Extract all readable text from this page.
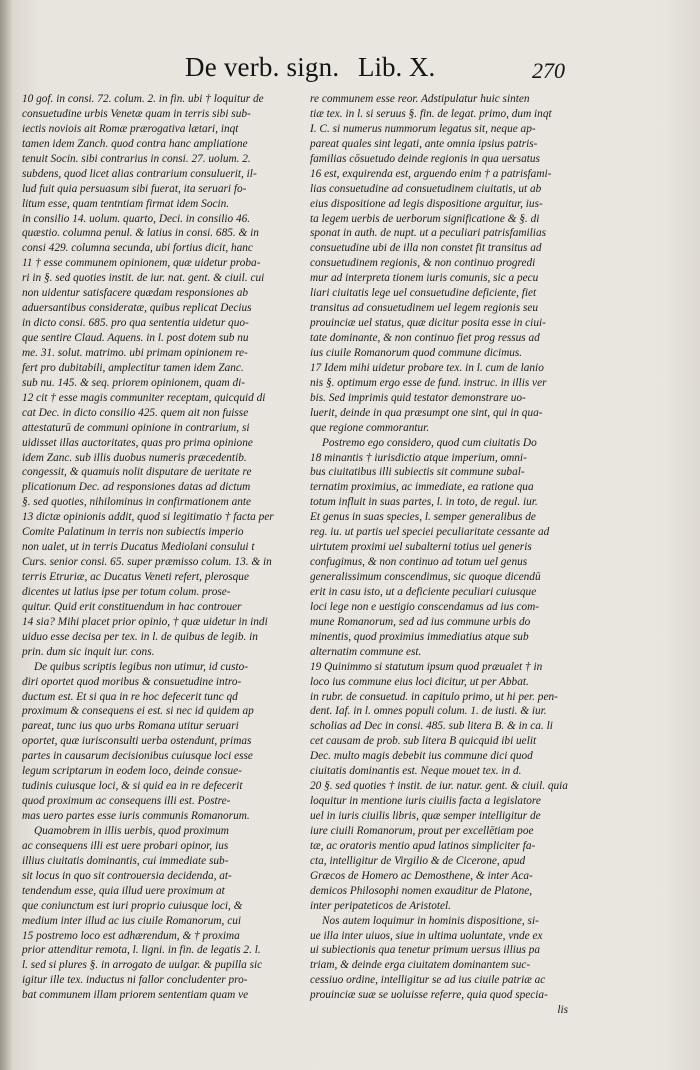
De verb. sign. Lib. X.	270
10 gof. in consi. 72. colum. 2. in fin. ubi † loquitur de
consuetudine urbis Venetæ quam in terris sibi sub-
iectis noviois ait Romæ prærogativa lætari, inqt
tamen idem Zanch. quod contra hanc ampliatione
tenuit Socin. sibi contrarius in consi. 27. uolum. 2.
subdens, quod licet alias contrarium consuluerit, il-
lud fuit quia persuasum sibi fuerat, ita seruari fo-
litum esse, quam tentntiam firmat idem Socin.
in consilio 14. uolum. quarto, Deci. in consilio 46.
quæstio. columna penul. & latius in consi. 685. & in
consi 429. columna secunda, ubi fortius dicit, hanc
11 † esse communem opinionem, quæ uidetur proba-
ri in §. sed quoties instit. de iur. nat. gent. & ciuil. cui
non uidentur satisfacere quædam responsiones ab
aduersantibus consideratæ, quibus replicat Decius
in dicto consi. 685. pro qua sententia uidetur quo-
que sentire Claud. Aquens. in l. post dotem sub nu
me. 31. solut. matrimo. ubi primam opinionem re-
fert pro dubitabili, amplectitur tamen idem Zanc.
sub nu. 145. & seq. priorem opinionem, quam di-
12 cit † esse magis communiter receptam, quicquid di
cat Dec. in dicto consilio 425. quem ait non fuisse
attestaturū de communi opinione in contrarium, si
uidisset illas auctoritates, quas pro prima opinione
idem Zanc. sub illis duobus numeris præcedentib.
congessit, & quamuis nolit disputare de ueritate re
plicationum Dec. ad responsiones datas ad dictum
§. sed quoties, nihilominus in confirmationem ante
13 dictæ opinionis addit, quod si legitimatio † facta per
Comite Palatinum in terris non subiectis imperio
non ualet, ut in terris Ducatus Mediolani consului t
Curs. senior consi. 65. super præmisso colum. 13. & in
terris Etruriæ, ac Ducatus Veneti refert, plerosque
dicentes ut latius ipse per totum colum. prose-
quitur. Quid erit constituendum in hac controuer
14 sia? Mihi placet prior opinio, † quæ uidetur in indi
uiduo esse decisa per tex. in l. de quibus de legib. in
prin. dum sic inquit iur. cons.
De quibus scriptis legibus non utimur, id custo-
diri oportet quod moribus & consuetudine intro-
ductum est. Et si qua in re hoc defecerit tunc qd
proximum & consequens ei est. si nec id quidem ap
pareat, tunc ius quo urbs Romana utitur seruari
oportet, quæ iurisconsulti uerba ostendunt, primas
partes in causarum decisionibus cuiusque loci esse
legum scriptarum in eodem loco, deinde consue-
tudinis cuiusque loci, & si quid ea in re defecerit
quod proximum ac consequens illi est. Postre-
mas uero partes esse iuris communis Romanorum.
Quamobrem in illis uerbis, quod proximum
ac consequens illi est uere probari opinor, ius
illius ciuitatis dominantis, cui immediate sub-
sit locus in quo sit controuersia decidenda, at-
tendendum esse, quia illud uere proximum at
que coniunctum est iuri proprio cuiusque loci, &
medium inter illud ac ius ciuile Romanorum, cui
15 postremo loco est adhærendum, & † proxima
prior attenditur remota, l. ligni. in fin. de legatis 2. l.
l. sed si plures §. in arrogato de uulgar. & pupilla sic
igitur ille tex. inductus ni fallor concludenter pro-
bat communem illam priorem sententiam quam ve
re communem esse reor. Adstipulatur huic sinten
tiæ tex. in l. si seruus §. fin. de legat. primo, dum inqt
I. C. si numerus nummorum legatus sit, neque ap-
pareat quales sint legati, ante omnia ipsius patris-
familias cōsuetudo deinde regionis in qua uersatus
16 est, exquirenda est, arguendo enim † a patrisfami-
lias consuetudine ad consuetudinem ciuitatis, ut ab
eius dispositione ad legis dispositione arguitur, ius-
ta legem uerbis de uerborum significatione & §. di
sponat in auth. de nupt. ut a peculiari patrisfamilias
consuetudine ubi de illa non constet fit transitus ad
consuetudinem regionis, & non continuo progredi
mur ad interpreta tionem iuris comunis, sic a pecu
liari ciuitatis lege uel consuetudine deficiente, fiet
transitus ad consuetudinem uel legem regionis seu
prouinciæ uel status, quæ dicitur posita esse in ciui-
tate dominante, & non continuo fiet prog ressus ad
ius ciuile Romanorum quod commune dicimus.
17 Idem mihi uidetur probare tex. in l. cum de lanio
nis §. optimum ergo esse de fund. instruc. in illis ver
bis. Sed imprimis quid testator demonstrare uo-
luerit, deinde in qua præsumpt one sint, qui in qua-
que regione commorantur.
Postremo ego considero, quod cum ciuitatis Do
18 minantis † iurisdictio atque imperium, omni-
bus ciuitatibus illi subiectis sit commune subal-
ternatim proximius, ac immediate, ea ratione qua
totum influit in suas partes, l. in toto, de regul. iur.
Et genus in suas species, l. semper generalibus de
reg. iu. ut partis uel speciei peculiaritate cessante ad
uirtutem proximi uel subalterni totius uel generis
confugimus, & non continuo ad totum uel genus
generalissimum conscendimus, sic quoque dicendū
erit in casu isto, ut a deficiente peculiari cuiusque
loci lege non e uestigio conscendamus ad ius com-
mune Romanorum, sed ad ius commune urbis do
minentis, quod proximius immediatius atque sub
alternatim commune est.
19 Quinimmo si statutum ipsum quod præualet † in
loco ius commune eius loci dicitur, ut per Abbat.
in rubr. de consuetud. in capitulo primo, ut hi per. pen-
dent. Iaf. in l. omnes populi colum. 1. de iusti. & iur.
scholias ad Dec in consi. 485. sub litera B. & in ca. li
cet causam de prob. sub litera B quicquid ibi uelit
Dec. multo magis debebit ius commune dici quod
ciuitatis dominantis est. Neque mouet tex. in d.
20 §. sed quoties † instit. de iur. natur. gent. & ciuil. quia
loquitur in mentione iuris ciuilis facta a legislatore
uel in iuris ciuilis libris, quæ semper intelligitur de
iure ciuili Romanorum, prout per excellētiam poe
tæ, ac oratoris mentio apud latinos simpliciter fa-
cta, intelligitur de Virgilio & de Cicerone, apud
Græcos de Homero ac Demosthene, & inter Aca-
demicos Philosophi nomen exauditur de Platone,
inter peripateticos de Aristotel.
Nos autem loquimur in hominis dispositione, si-
ue illa inter uiuos, siue in ultima uoluntate, vnde ex
ui subiectionis qua tenetur primum uersus illius pa
triam, & deinde erga ciuitatem dominantem suc-
cessiuo ordine, intelligitur se ad ius ciuile patriæ ac
prouinciæ suæ se uoluisse referre, quia quod specia-
lis
